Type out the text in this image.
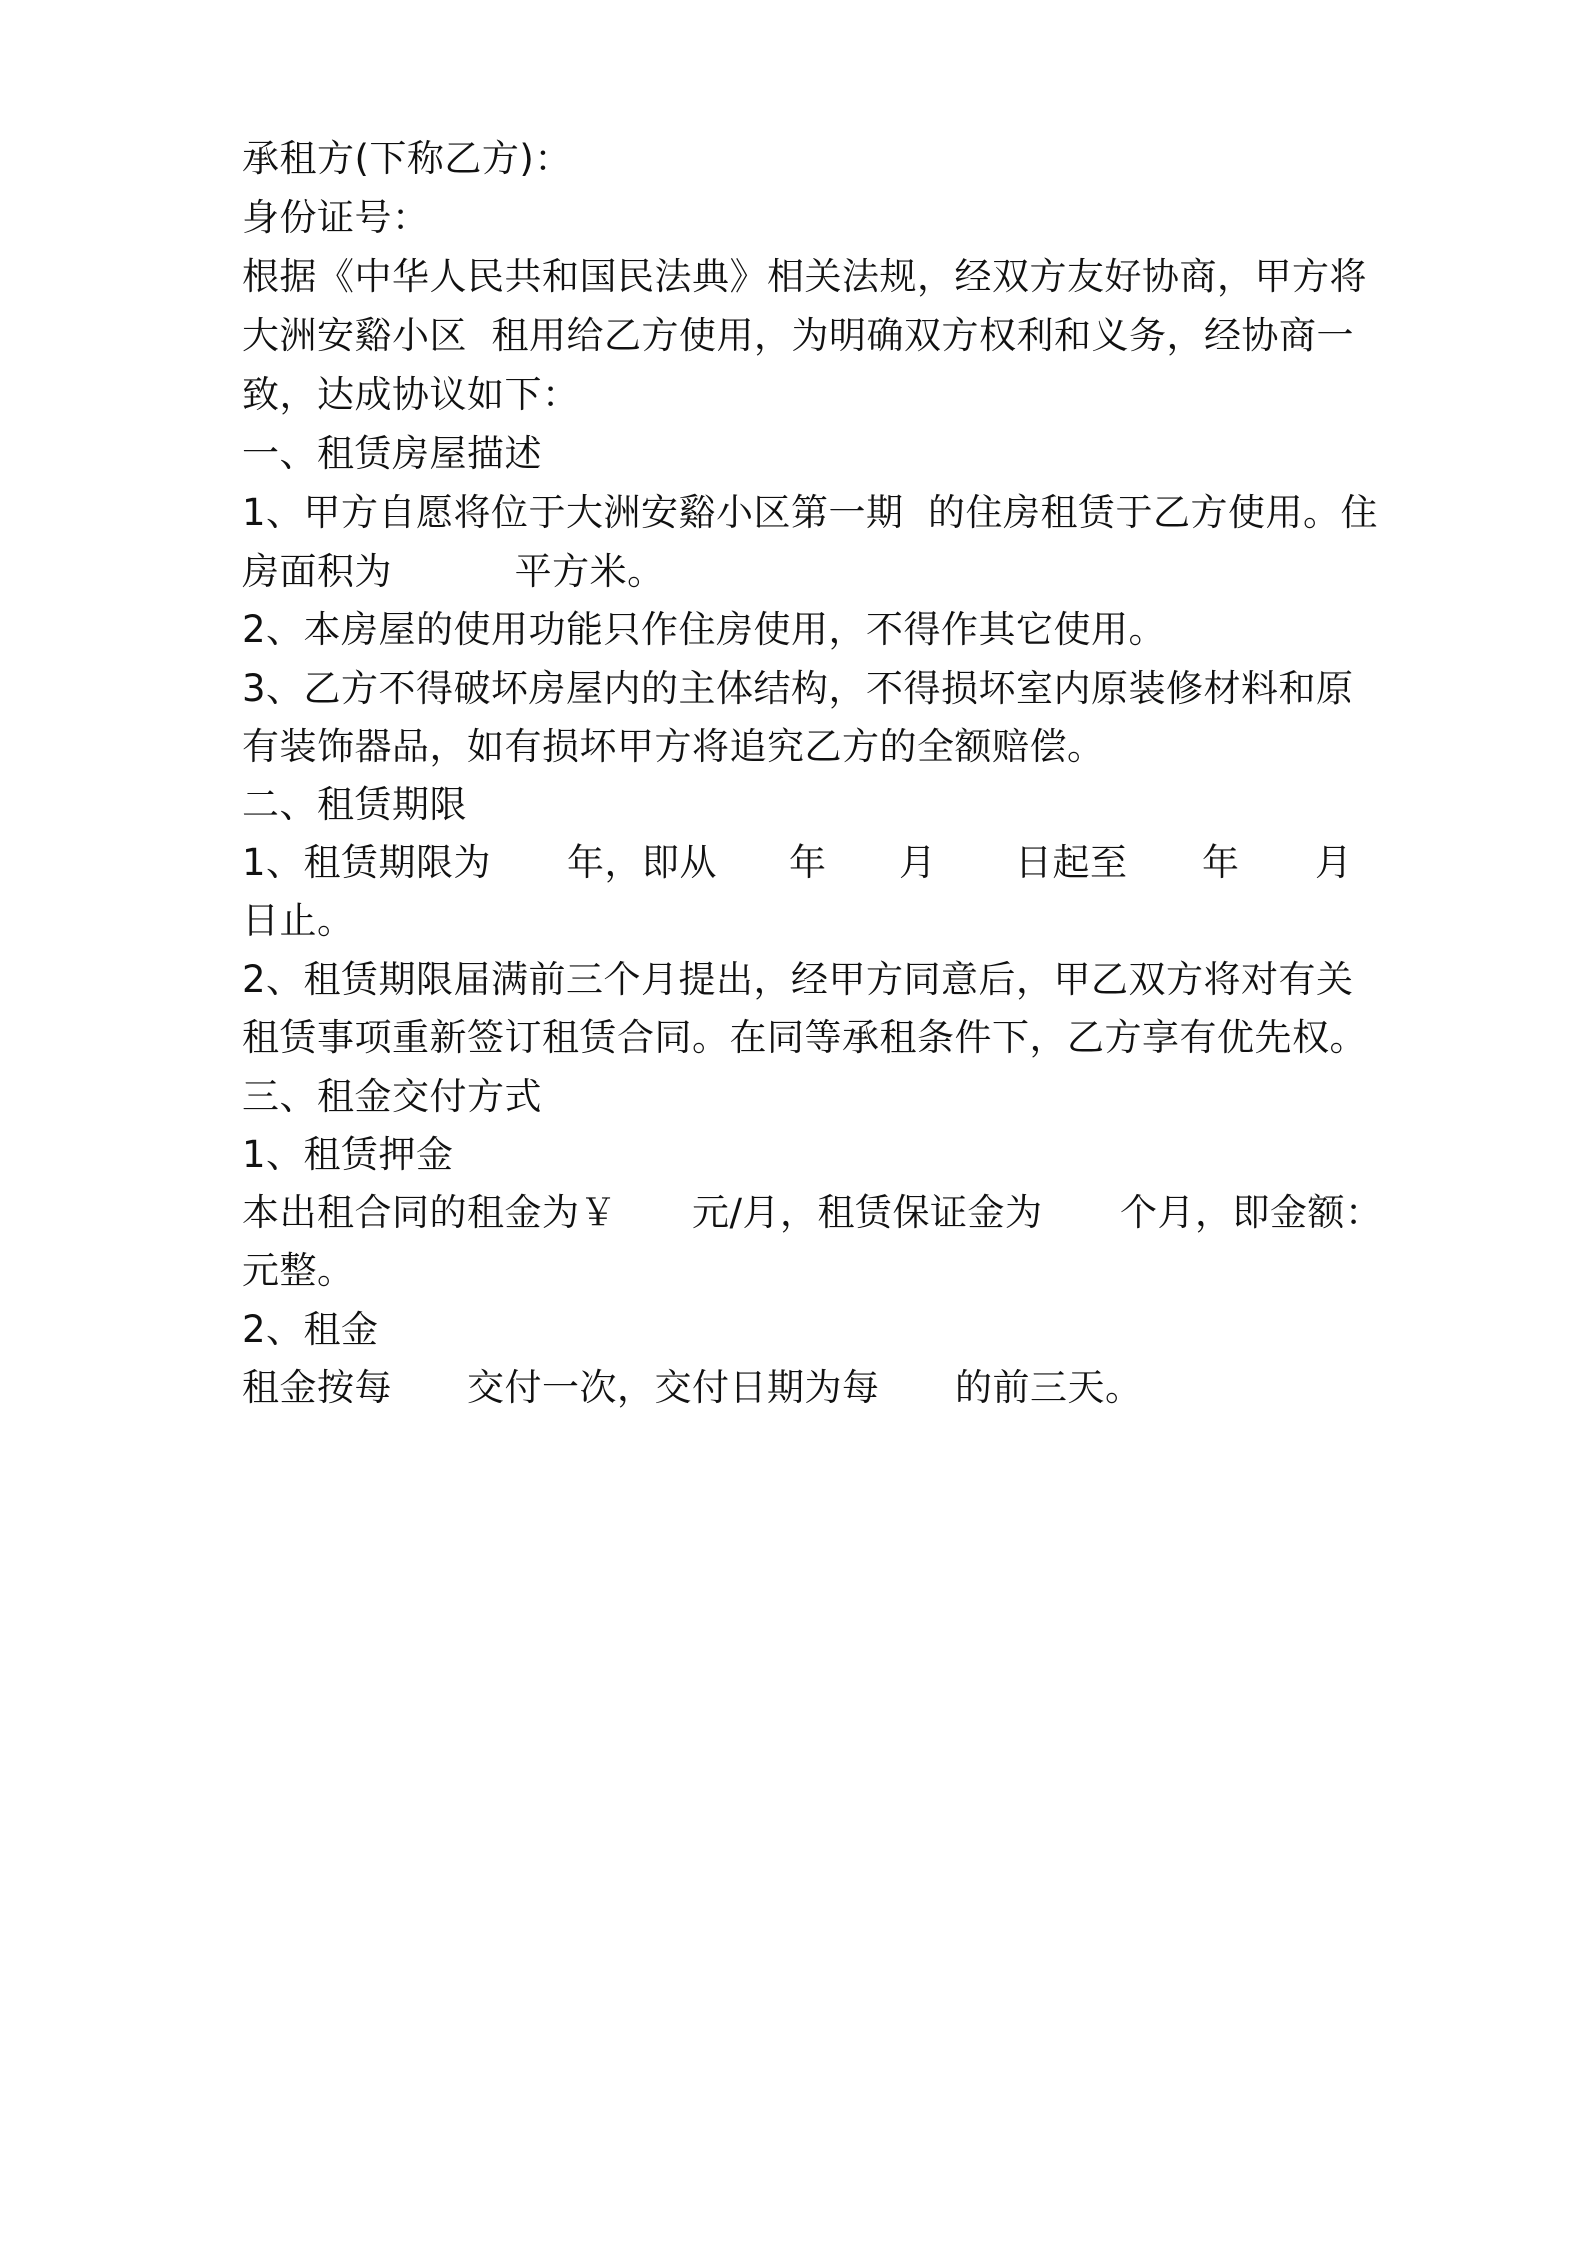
承租方(下称乙方)：
身份证号：
根据《中华人民共和国民法典》相关法规，经双方友好协商，甲方将
大洲安谿小区  租用给乙方使用，为明确双方权利和义务，经协商一
致，达成协议如下：
一、租赁房屋描述
1、甲方自愿将位于大洲安谿小区第一期  的住房租赁于乙方使用。住
房面积为          平方米。
2、本房屋的使用功能只作住房使用，不得作其它使用。
3、乙方不得破坏房屋内的主体结构，不得损坏室内原装修材料和原
有装饰器品，如有损坏甲方将追究乙方的全额赔偿。
二、租赁期限

1、租赁期限为

年，即从

年

月

日起至

年

月

日止。
2、租赁期限届满前三个月提出，经甲方同意后，甲乙双方将对有关
租赁事项重新签订租赁合同。在同等承租条件下，乙方享有优先权。
三、租金交付方式
1、租赁押金

本出租合同的租金为￥

元/月，租赁保证金为

个月，即金额：

元整。
2、租金

租金按每

交付一次，交付日期为每

的前三天。
